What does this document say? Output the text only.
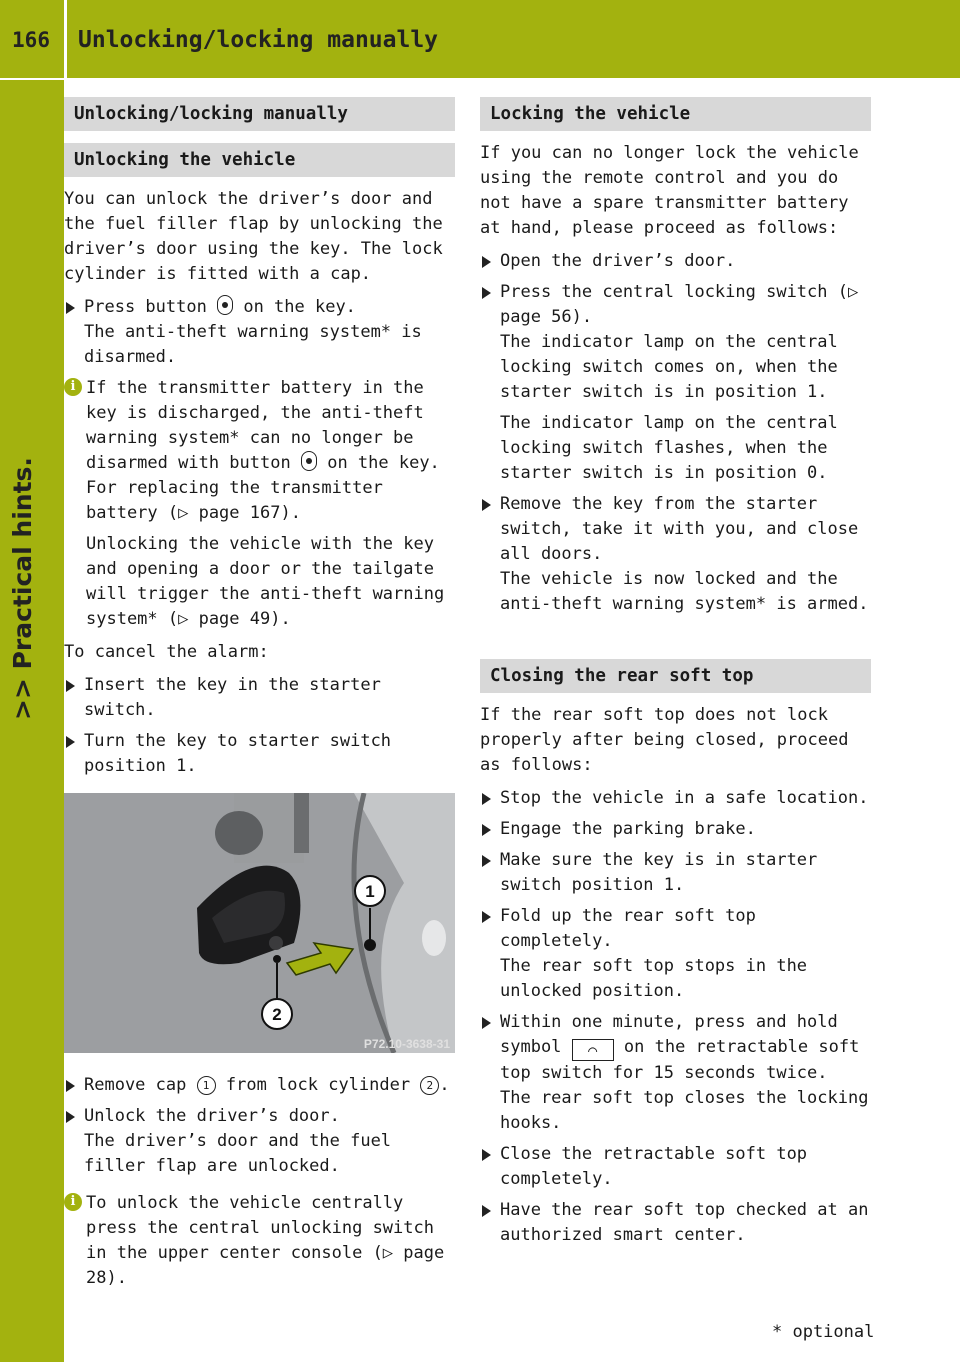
166	Unlocking/locking manually
>> Practical hints.
Unlocking/locking manually
Unlocking the vehicle

You can unlock the driver’s door and the fuel filler flap by unlocking the driver’s door using the key. The lock cylinder is fitted with a cap.

Press button on the key.
The anti-theft warning system* is disarmed.
i If the transmitter battery in the key is discharged, the anti-theft warning system* can no longer be disarmed with button on the key. For replacing the transmitter battery (▷ page 167).
Unlocking the vehicle with the key and opening a door or the tailgate will trigger the anti-theft warning system* (▷ page 49).

To cancel the alarm:

Insert the key in the starter switch.
Turn the key to starter switch position 1.
1
2
P72.10-3638-31
Remove cap 1 from lock cylinder 2 .
Unlock the driver’s door.
The driver’s door and the fuel filler flap are unlocked.
i To unlock the vehicle centrally press the central unlocking switch in the upper center console (▷ page 28).
Locking the vehicle

If you can no longer lock the vehicle using the remote control and you do not have a spare transmitter battery at hand, please proceed as follows:

Open the driver’s door.
Press the central locking switch (▷ page 56).
The indicator lamp on the central locking switch comes on, when the starter switch is in position 1.
The indicator lamp on the central locking switch flashes, when the starter switch is in position 0.
Remove the key from the starter switch, take it with you, and close all doors.
The vehicle is now locked and the anti-theft warning system* is armed.
Closing the rear soft top

If the rear soft top does not lock properly after being closed, proceed as follows:

Stop the vehicle in a safe location.
Engage the parking brake.
Make sure the key is in starter switch position 1.
Fold up the rear soft top completely.
The rear soft top stops in the unlocked position.
Within one minute, press and hold symbol ⌒ on the retractable soft top switch for 15 seconds twice.
The rear soft top closes the locking hooks.
Close the retractable soft top completely.
Have the rear soft top checked at an authorized smart center.
* optional
